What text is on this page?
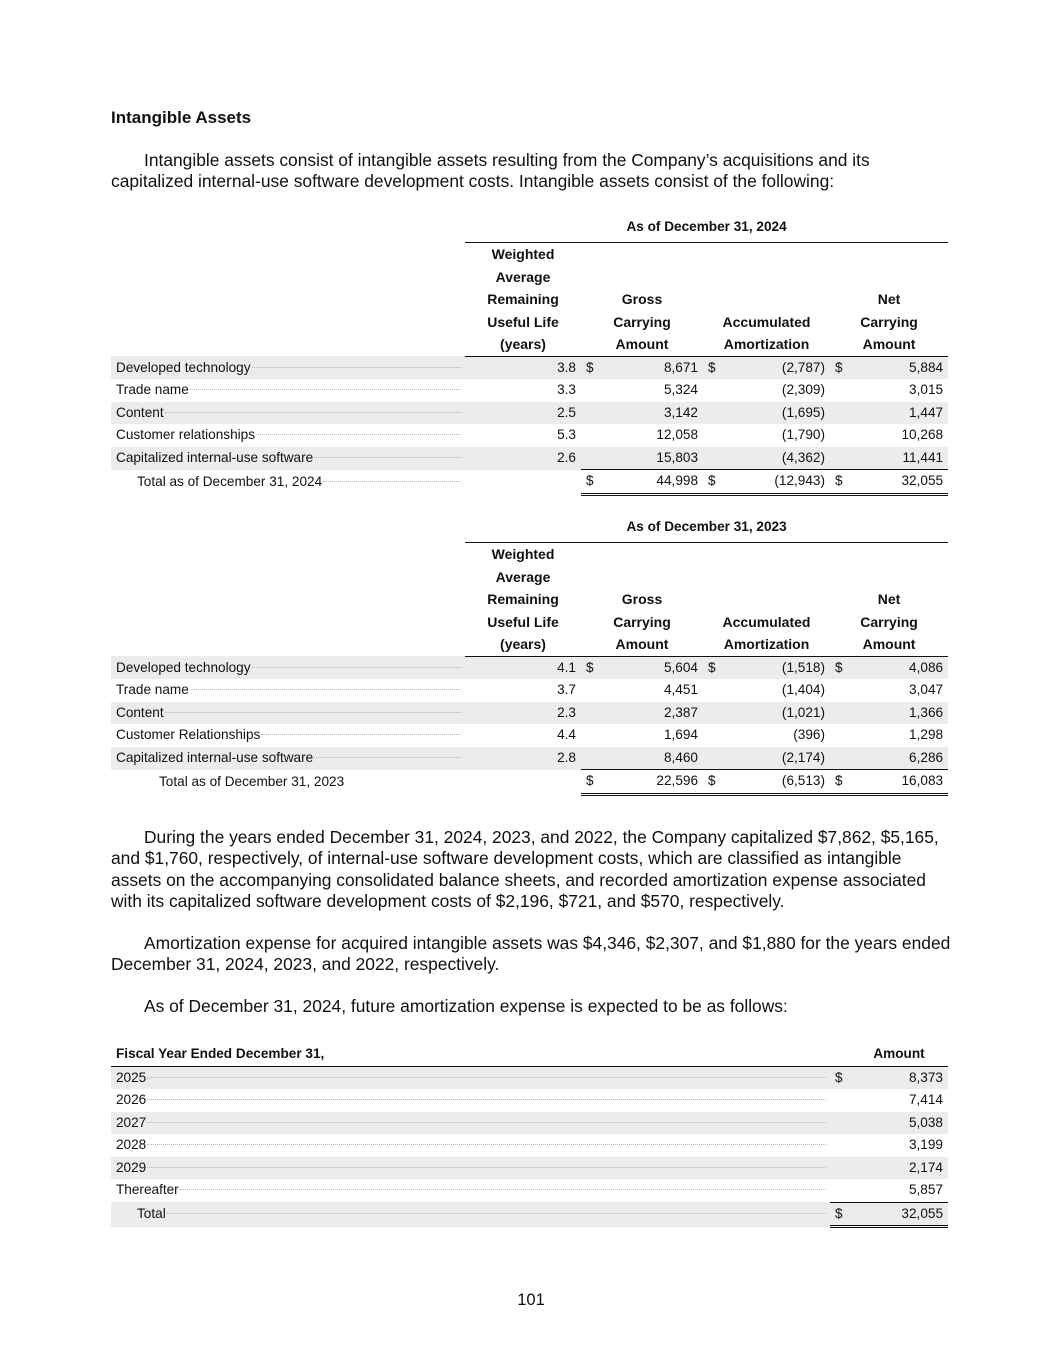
Intangible Assets
Intangible assets consist of intangible assets resulting from the Company’s acquisitions and its capitalized internal-use software development costs. Intangible assets consist of the following:
	As of December 31, 2024						
	Weighted						
	Average						
	Remaining	Gross				Net	
	Useful Life	Carrying		Accumulated		Carrying	
	(years)	Amount		Amortization		Amount	

Developed technology	3.8	$	8,671	$	(2,787)	$	5,884

Trade name	3.3		5,324		(2,309)		3,015

Content	2.5		3,142		(1,695)		1,447

Customer relationships	5.3		12,058		(1,790)		10,268

Capitalized internal-use software	2.6		15,803		(4,362)		11,441

Total as of December 31, 2024		$	44,998	$	(12,943)	$	32,055
	As of December 31, 2023						
	Weighted						
	Average						
	Remaining	Gross				Net	
	Useful Life	Carrying		Accumulated		Carrying	
	(years)	Amount		Amortization		Amount	

Developed technology	4.1	$	5,604	$	(1,518)	$	4,086

Trade name	3.7		4,451		(1,404)		3,047

Content	2.3		2,387		(1,021)		1,366

Customer Relationships	4.4		1,694		(396)		1,298

Capitalized internal-use software	2.8		8,460		(2,174)		6,286

Total as of December 31, 2023		$	22,596	$	(6,513)	$	16,083
During the years ended December 31, 2024, 2023, and 2022, the Company capitalized $7,862, $5,165, and $1,760, respectively, of internal-use software development costs, which are classified as intangible assets on the accompanying consolidated balance sheets, and recorded amortization expense associated with its capitalized software development costs of $2,196, $721, and $570, respectively.
Amortization expense for acquired intangible assets was $4,346, $2,307, and $1,880 for the years ended December 31, 2024, 2023, and 2022, respectively.
As of December 31, 2024, future amortization expense is expected to be as follows:
Fiscal Year Ended December 31,		Amount

2025	$	8,373

2026		7,414

2027		5,038

2028		3,199

2029		2,174

Thereafter		5,857

Total	$	32,055
101
